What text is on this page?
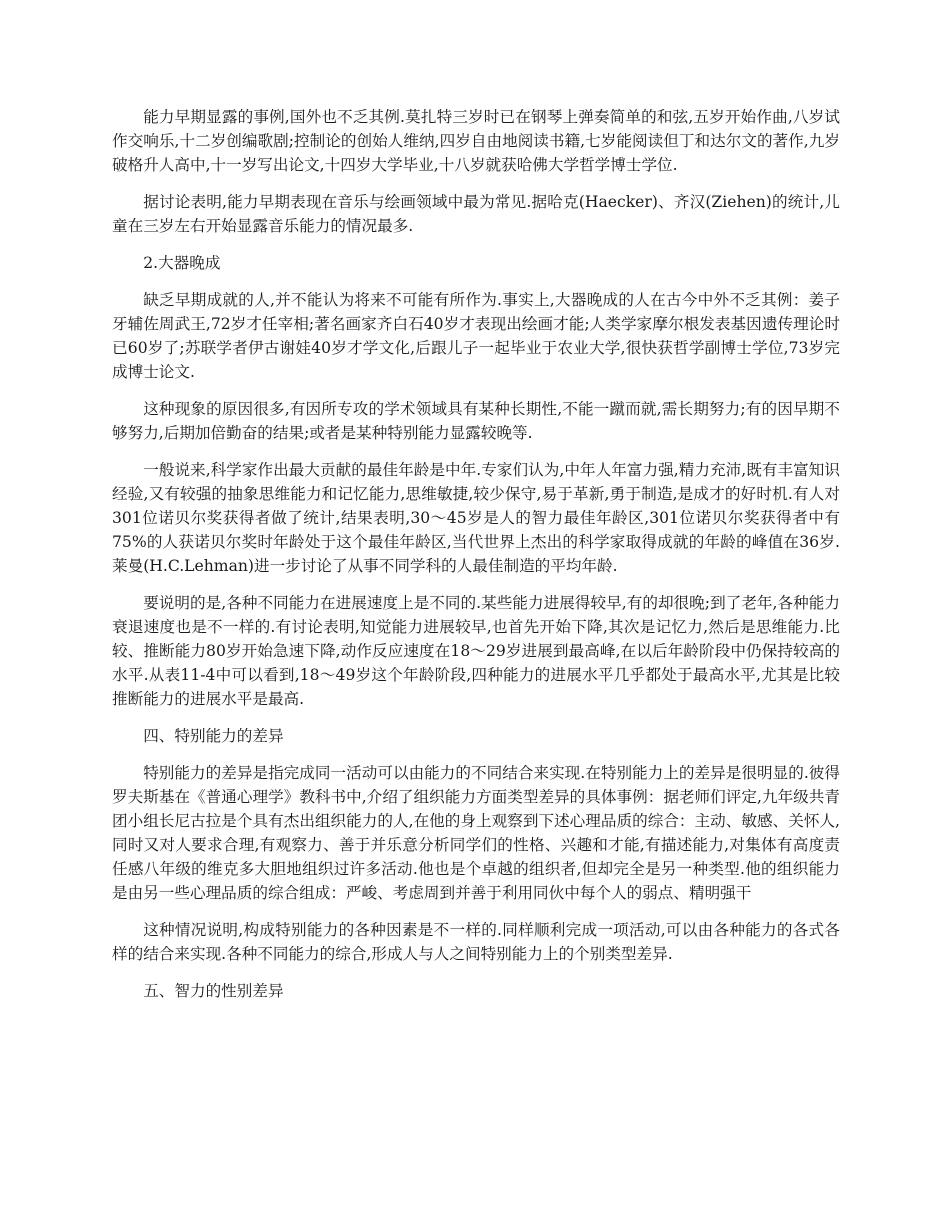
能力早期显露的事例,国外也不乏其例.莫扎特三岁时已在钢琴上弹奏简单的和弦,五岁开始作曲,八岁试作交响乐,十二岁创编歌剧;控制论的创始人维纳,四岁自由地阅读书籍,七岁能阅读但丁和达尔文的著作,九岁破格升人高中,十一岁写出论文,十四岁大学毕业,十八岁就获哈佛大学哲学博士学位.

据讨论表明,能力早期表现在音乐与绘画领域中最为常见.据哈克(Haecker)、齐汉(Ziehen)的统计,儿童在三岁左右开始显露音乐能力的情况最多.

2.大器晚成

缺乏早期成就的人,并不能认为将来不可能有所作为.事实上,大器晚成的人在古今中外不乏其例：姜子牙辅佐周武王,72岁才任宰相;著名画家齐白石40岁才表现出绘画才能;人类学家摩尔根发表基因遗传理论时已60岁了;苏联学者伊古谢娃40岁才学文化,后跟儿子一起毕业于农业大学,很快获哲学副博士学位,73岁完成博士论文.

这种现象的原因很多,有因所专攻的学术领域具有某种长期性,不能一蹴而就,需长期努力;有的因早期不够努力,后期加倍勤奋的结果;或者是某种特别能力显露较晚等.

一般说来,科学家作出最大贡献的最佳年龄是中年.专家们认为,中年人年富力强,精力充沛,既有丰富知识经验,又有较强的抽象思维能力和记忆能力,思维敏捷,较少保守,易于革新,勇于制造,是成才的好时机.有人对301位诺贝尔奖获得者做了统计,结果表明,30～45岁是人的智力最佳年龄区,301位诺贝尔奖获得者中有75%的人获诺贝尔奖时年龄处于这个最佳年龄区,当代世界上杰出的科学家取得成就的年龄的峰值在36岁.莱曼(H.C.Lehman)进一步讨论了从事不同学科的人最佳制造的平均年龄.

要说明的是,各种不同能力在进展速度上是不同的.某些能力进展得较早,有的却很晚;到了老年,各种能力衰退速度也是不一样的.有讨论表明,知觉能力进展较早,也首先开始下降,其次是记忆力,然后是思维能力.比较、推断能力80岁开始急速下降,动作反应速度在18～29岁进展到最高峰,在以后年龄阶段中仍保持较高的水平.从表11-4中可以看到,18～49岁这个年龄阶段,四种能力的进展水平几乎都处于最高水平,尤其是比较推断能力的进展水平是最高.

四、特别能力的差异

特别能力的差异是指完成同一活动可以由能力的不同结合来实现.在特别能力上的差异是很明显的.彼得罗夫斯基在《普通心理学》教科书中,介绍了组织能力方面类型差异的具体事例：据老师们评定,九年级共青团小组长尼古拉是个具有杰出组织能力的人,在他的身上观察到下述心理品质的综合：主动、敏感、关怀人,同时又对人要求合理,有观察力、善于并乐意分析同学们的性格、兴趣和才能,有描述能力,对集体有高度责任感八年级的维克多大胆地组织过许多活动.他也是个卓越的组织者,但却完全是另一种类型.他的组织能力是由另一些心理品质的综合组成：严峻、考虑周到并善于利用同伙中每个人的弱点、精明强干

这种情况说明,构成特别能力的各种因素是不一样的.同样顺利完成一项活动,可以由各种能力的各式各样的结合来实现.各种不同能力的综合,形成人与人之间特别能力上的个别类型差异.

五、智力的性别差异
